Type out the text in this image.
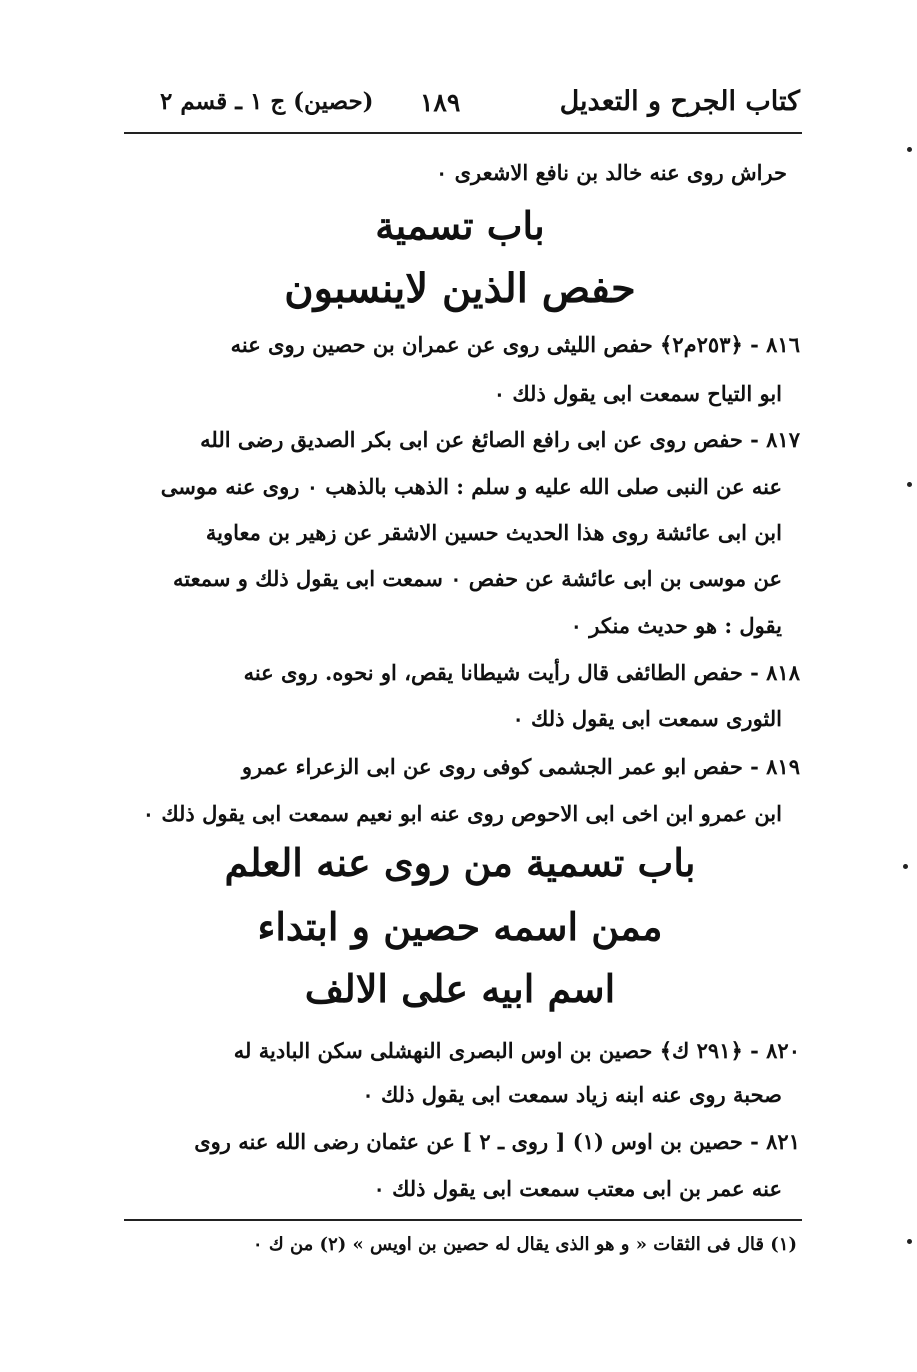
كتاب الجرح و التعديل
١٨٩
(حصين) ج ١ ـ قسم ٢
حراش روى عنه خالد بن نافع الاشعرى ٠
باب تسمية
حفص الذين لاينسبون
٨١٦ - ﴿٢٥٣م٢﴾ حفص الليثى روى عن عمران بن حصين روى عنه
ابو التياح سمعت ابى يقول ذلك ٠
٨١٧ - حفص روى عن ابى رافع الصائغ عن ابى بكر الصديق رضى الله
عنه عن النبى صلى الله عليه و سلم : الذهب بالذهب ٠ روى عنه موسى
ابن ابى عائشة روى هذا الحديث حسين الاشقر عن زهير بن معاوية
عن موسى بن ابى عائشة عن حفص ٠ سمعت ابى يقول ذلك و سمعته
يقول : هو حديث منكر ٠
٨١٨ - حفص الطائفى قال رأيت شيطانا يقص، او نحوه. روى عنه
الثورى سمعت ابى يقول ذلك ٠
٨١٩ - حفص ابو عمر الجشمى كوفى روى عن ابى الزعراء عمرو
ابن عمرو ابن اخى ابى الاحوص روى عنه ابو نعيم سمعت ابى يقول ذلك ٠
باب تسمية من روى عنه العلم
ممن اسمه حصين و ابتداء
اسم ابيه على الالف
٨٢٠ - ﴿٢٩١ ك﴾ حصين بن اوس البصرى النهشلى سكن البادية له
صحبة روى عنه ابنه زياد سمعت ابى يقول ذلك ٠
٨٢١ - حصين بن اوس (١) [ روى ـ ٢ ] عن عثمان رضى الله عنه روى
عنه عمر بن ابى معتب سمعت ابى يقول ذلك ٠
(١) قال فى الثقات « و هو الذى يقال له حصين بن اويس » (٢) من ك ٠
